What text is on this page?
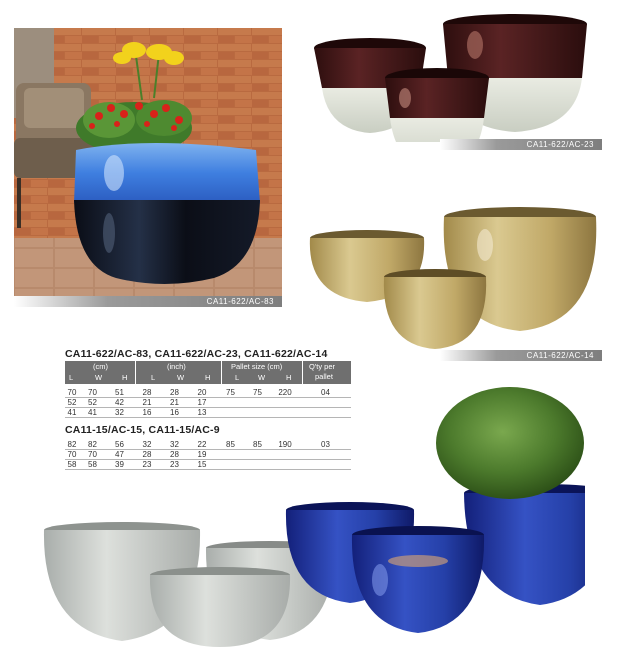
CA11-622/AC-83
CA11-622/AC-23
CA11-622/AC-14
CA11-622/AC-83, CA11-622/AC-23, CA11-622/AC-14
(cm)	(inch)	Pallet size (cm)	Q'ty per
pallet
L	W	H	L	W	H	L	W	H
70	70	51	28	28	20	75	75	220	04
52	52	42	21	21	17				
41	41	32	16	16	13				
CA11-15/AC-15, CA11-15/AC-9
82	82	56	32	32	22	85	85	190	03
70	70	47	28	28	19				
58	58	39	23	23	15				
